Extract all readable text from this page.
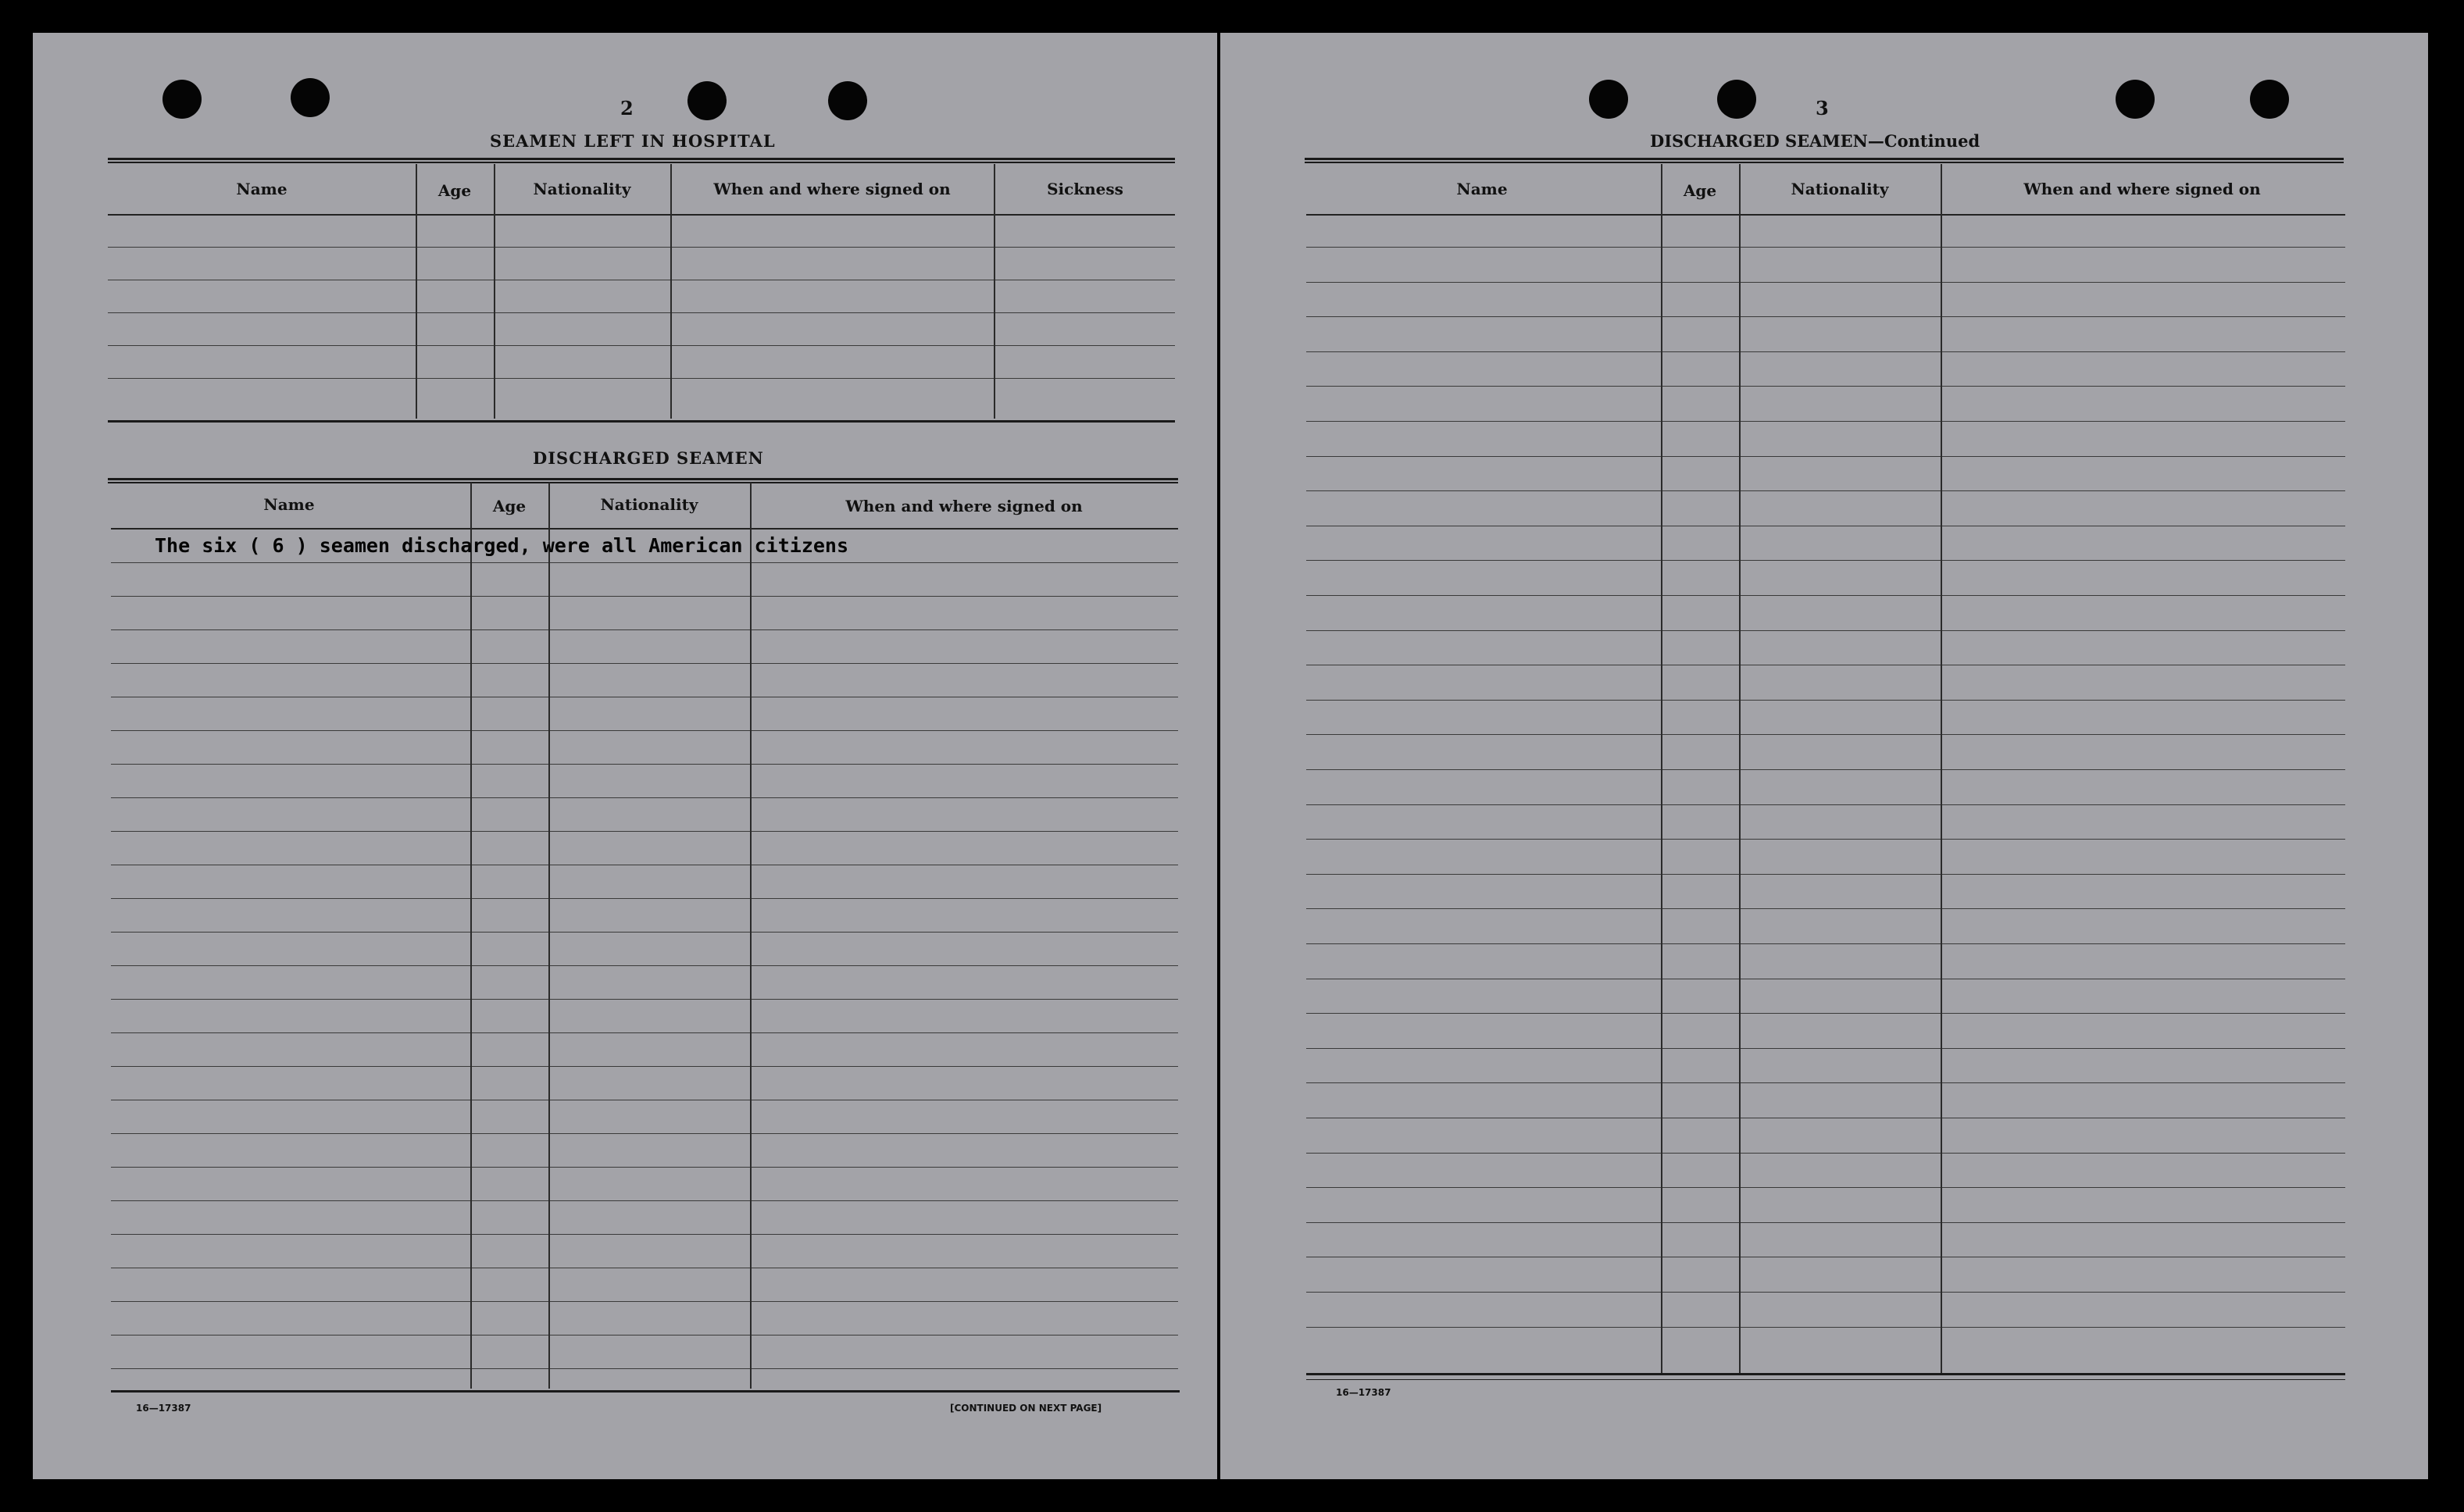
2
SEAMEN LEFT IN HOSPITAL
Name	Age	Nationality	When and where signed on	Sickness
DISCHARGED SEAMEN
Name	Age	Nationality	When and where signed on
The six ( 6 ) seamen discharged, were all American citizens
16—17387	[CONTINUED ON NEXT PAGE]
3
DISCHARGED SEAMEN—Continued
Name	Age	Nationality	When and where signed on
16—17387
